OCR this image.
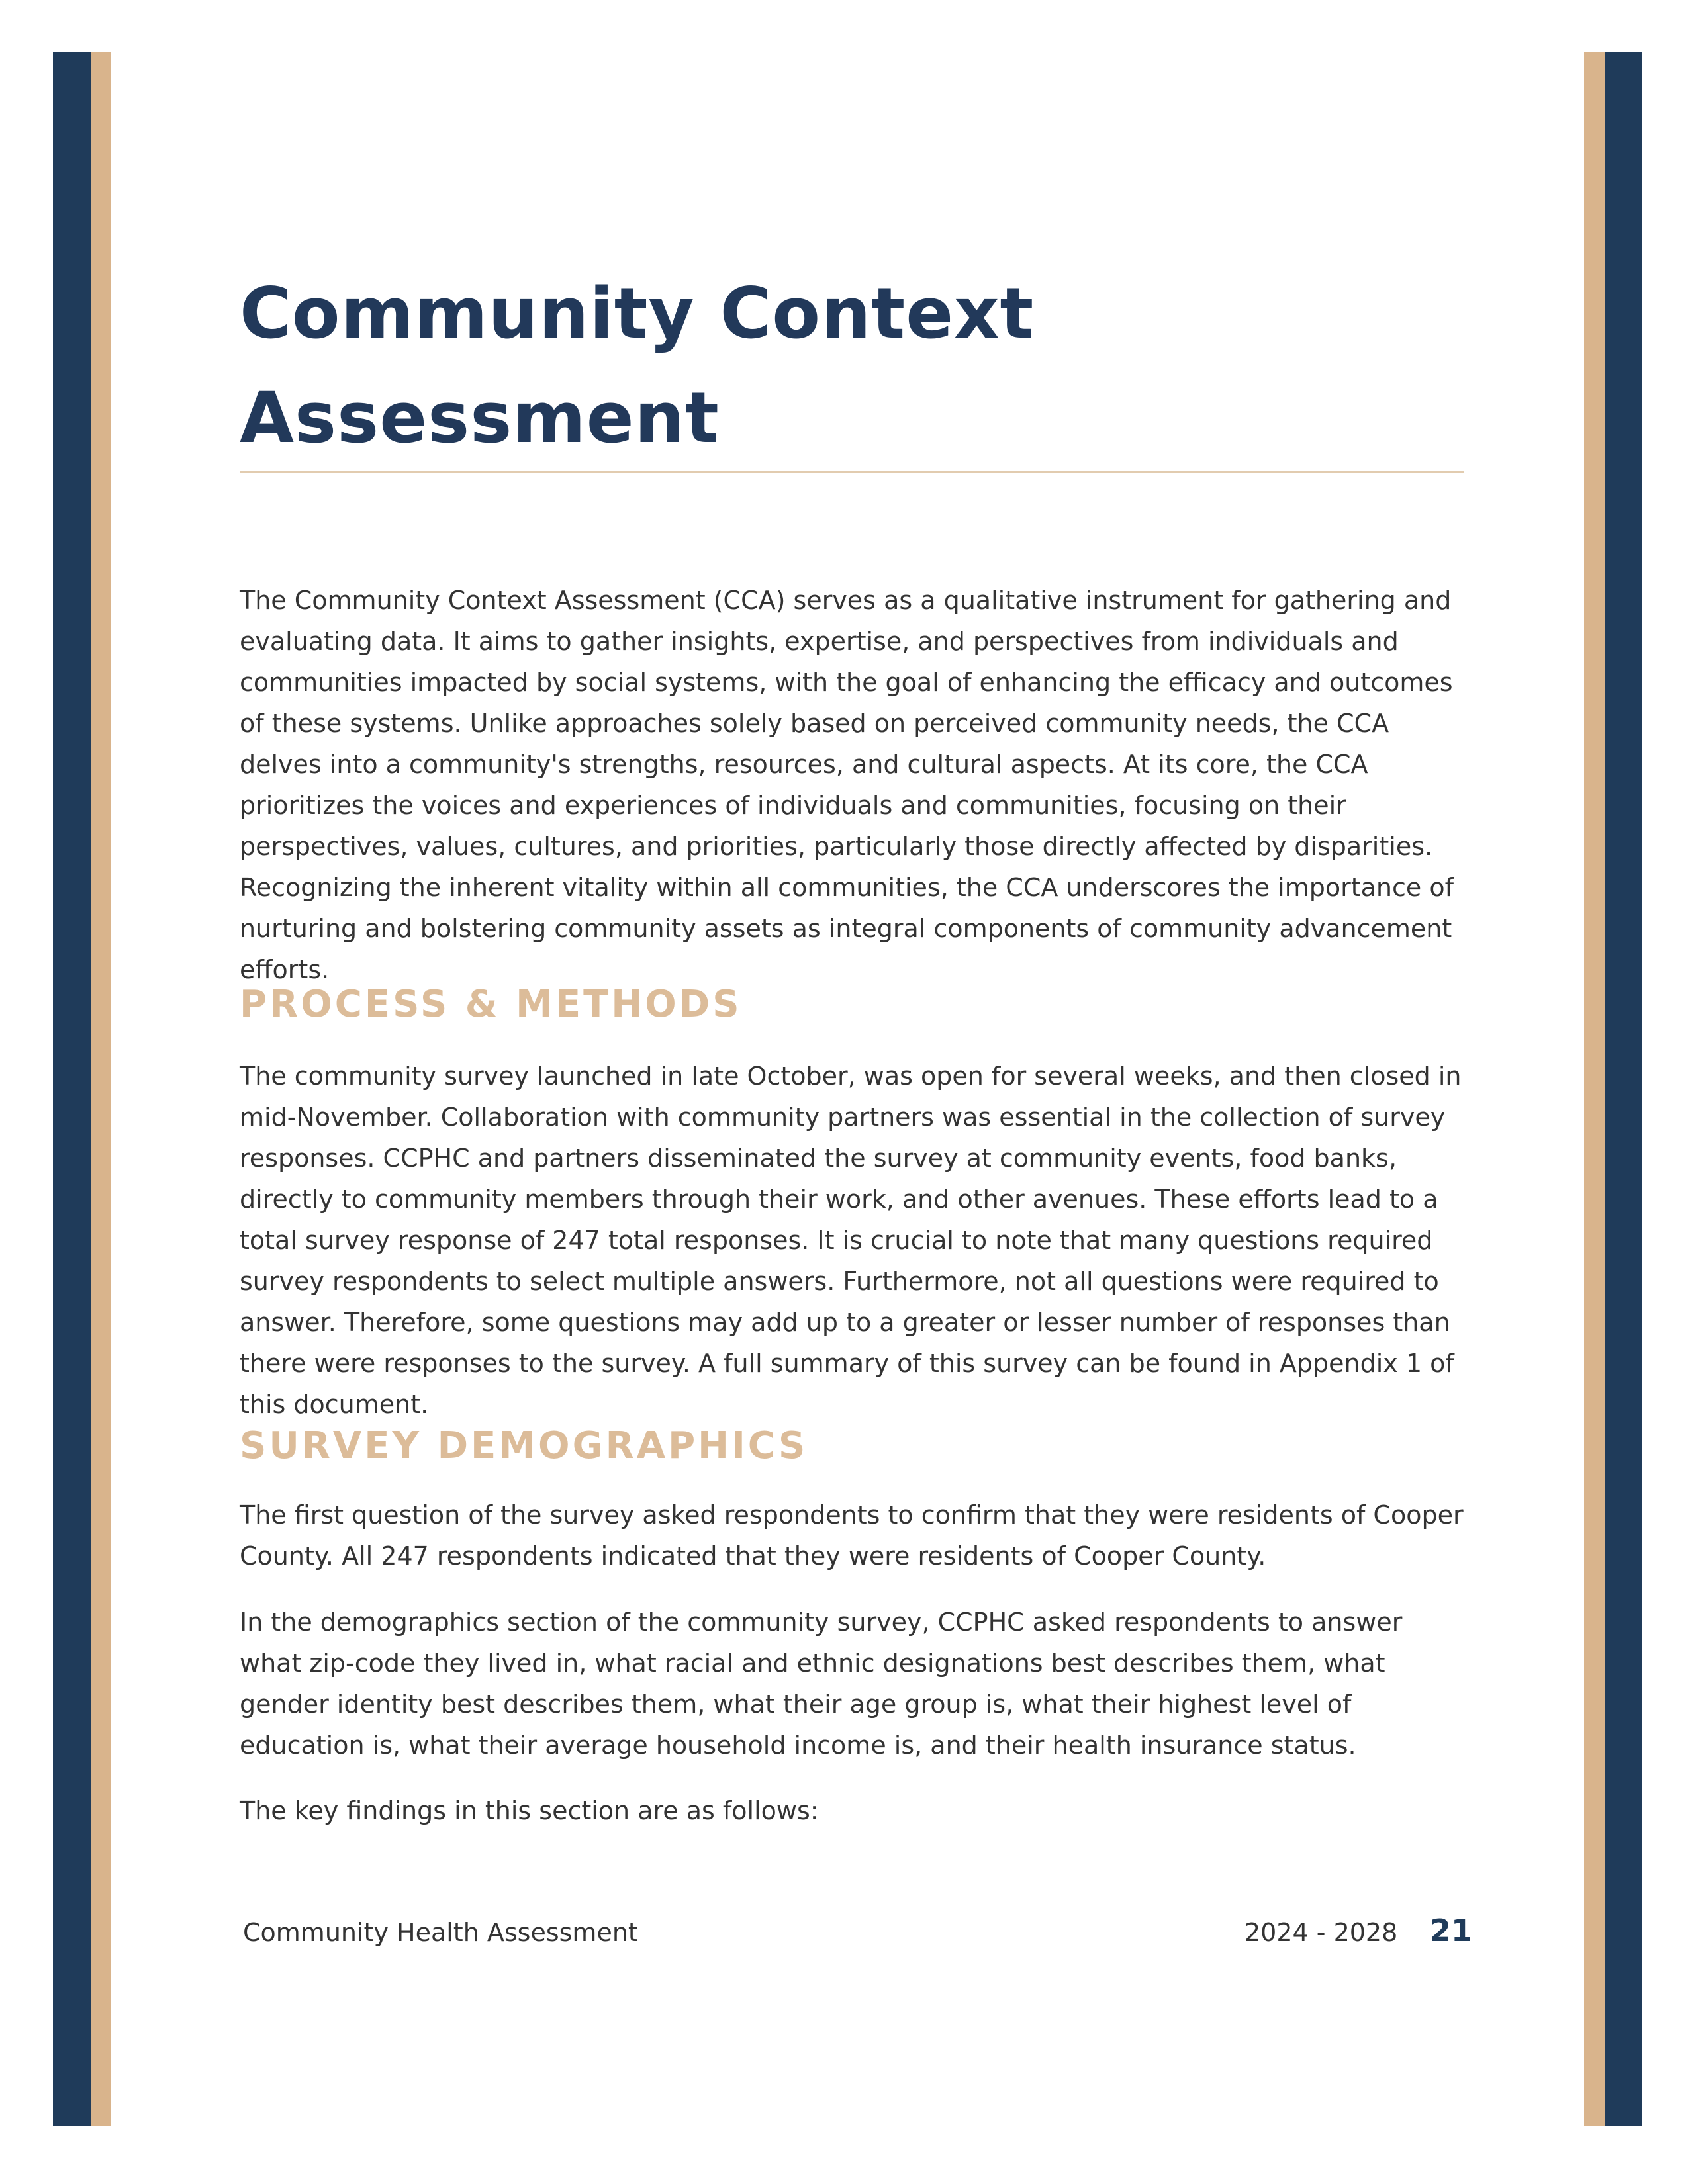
Community Context Assessment

The Community Context Assessment (CCA) serves as a qualitative instrument for gathering and evaluating data. It aims to gather insights, expertise, and perspectives from individuals and communities impacted by social systems, with the goal of enhancing the efficacy and outcomes of these systems. Unlike approaches solely based on perceived community needs, the CCA delves into a community's strengths, resources, and cultural aspects. At its core, the CCA prioritizes the voices and experiences of individuals and communities, focusing on their perspectives, values, cultures, and priorities, particularly those directly affected by disparities. Recognizing the inherent vitality within all communities, the CCA underscores the importance of nurturing and bolstering community assets as integral components of community advancement efforts.

PROCESS & METHODS

The community survey launched in late October, was open for several weeks, and then closed in mid-November. Collaboration with community partners was essential in the collection of survey responses. CCPHC and partners disseminated the survey at community events, food banks, directly to community members through their work, and other avenues. These efforts lead to a total survey response of 247 total responses. It is crucial to note that many questions required survey respondents to select multiple answers. Furthermore, not all questions were required to answer. Therefore, some questions may add up to a greater or lesser number of responses than there were responses to the survey. A full summary of this survey can be found in Appendix 1 of this document.

SURVEY DEMOGRAPHICS

The first question of the survey asked respondents to confirm that they were residents of Cooper County. All 247 respondents indicated that they were residents of Cooper County.

In the demographics section of the community survey, CCPHC asked respondents to answer what zip-code they lived in, what racial and ethnic designations best describes them, what gender identity best describes them, what their age group is, what their highest level of education is, what their average household income is, and their health insurance status.

The key findings in this section are as follows:

Community Health Assessment	2024 - 2028 21
